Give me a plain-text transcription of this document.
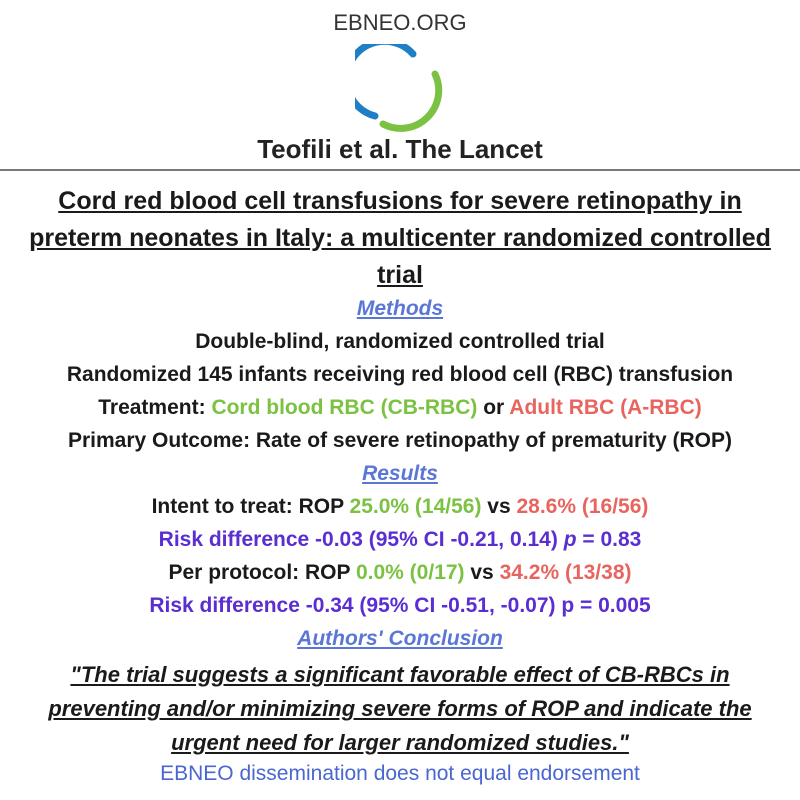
EBNEO.ORG
Teofili et al. The Lancet
Cord red blood cell transfusions for severe retinopathy in preterm neonates in Italy: a multicenter randomized controlled trial
Methods
Double-blind, randomized controlled trial
Randomized 145 infants receiving red blood cell (RBC) transfusion
Treatment: Cord blood RBC (CB-RBC) or Adult RBC (A-RBC)
Primary Outcome: Rate of severe retinopathy of prematurity (ROP)
Results
Intent to treat: ROP 25.0% (14/56) vs 28.6% (16/56)
Risk difference -0.03 (95% CI -0.21, 0.14) p = 0.83
Per protocol: ROP 0.0% (0/17) vs 34.2% (13/38)
Risk difference -0.34 (95% CI -0.51, -0.07) p = 0.005
Authors' Conclusion
"The trial suggests a significant favorable effect of CB-RBCs in preventing and/or minimizing severe forms of ROP and indicate the urgent need for larger randomized studies."
EBNEO dissemination does not equal endorsement
